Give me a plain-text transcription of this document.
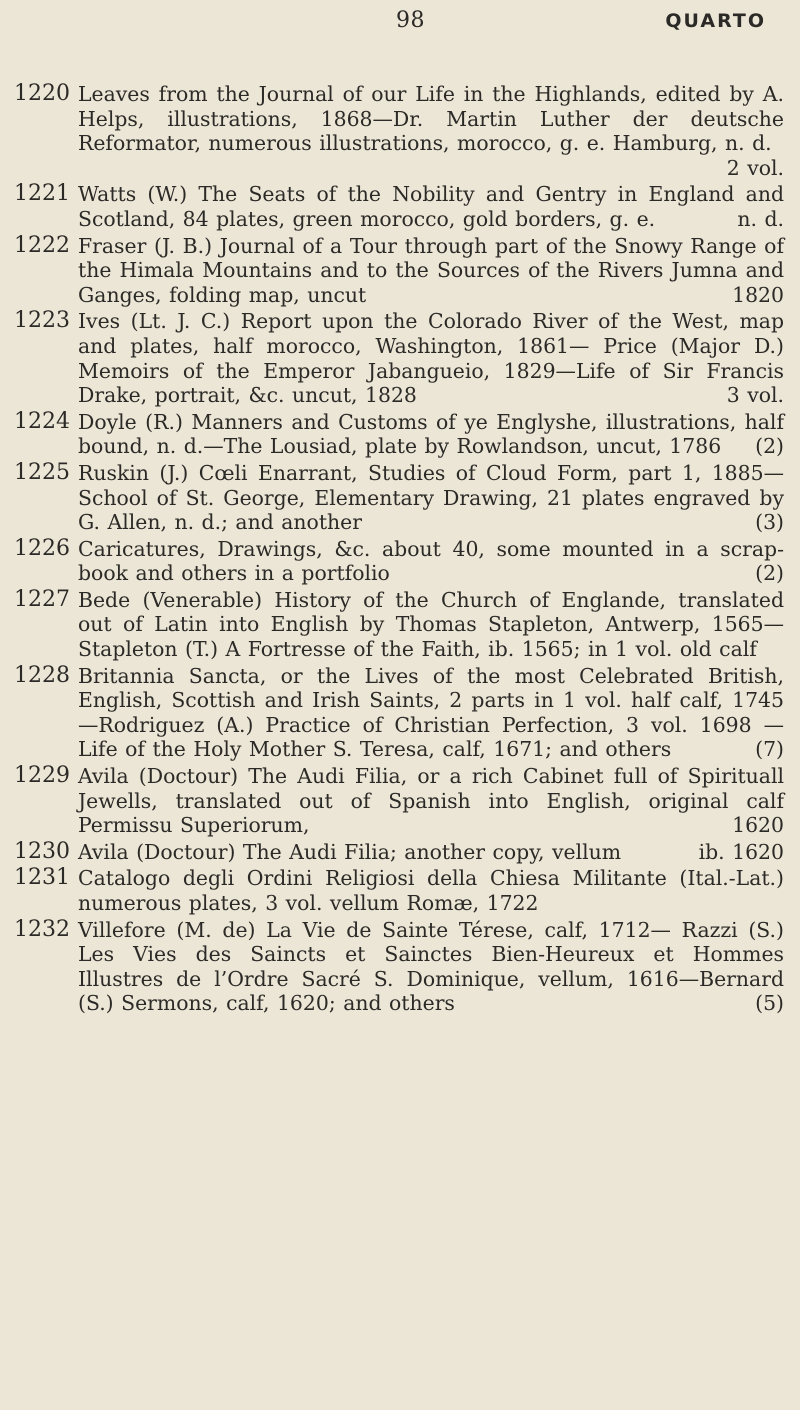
98	QUARTO
1220 Leaves from the Journal of our Life in the Highlands, edited by A. Helps, illustrations, 1868—Dr. Martin Luther der deutsche Reformator, numerous illustrations, morocco, g. e. Hamburg, n. d.
2 vol.
1221 Watts (W.) The Seats of the Nobility and Gentry in England and Scotland, 84 plates, green morocco, gold borders, g. e.	n. d.
1222 Fraser (J. B.) Journal of a Tour through part of the Snowy Range of the Himala Mountains and to the Sources of the Rivers Jumna and Ganges, folding map, uncut	1820
1223 Ives (Lt. J. C.) Report upon the Colorado River of the West, map and plates, half morocco, Washington, 1861— Price (Major D.) Memoirs of the Emperor Jabangueio, 1829—Life of Sir Francis Drake, portrait, &c. uncut, 1828	3 vol.
1224 Doyle (R.) Manners and Customs of ye Englyshe, illustrations, half bound, n. d.—The Lousiad, plate by Rowlandson, uncut, 1786 (2)
1225 Ruskin (J.) Cœli Enarrant, Studies of Cloud Form, part 1, 1885—School of St. George, Elementary Drawing, 21 plates engraved by G. Allen, n. d.; and another	(3)
1226 Caricatures, Drawings, &c. about 40, some mounted in a scrap-book and others in a portfolio	(2)
1227 Bede (Venerable) History of the Church of Englande, translated out of Latin into English by Thomas Stapleton, Antwerp, 1565—Stapleton (T.) A Fortresse of the Faith, ib. 1565; in 1 vol. old calf
1228 Britannia Sancta, or the Lives of the most Celebrated British, English, Scottish and Irish Saints, 2 parts in 1 vol. half calf, 1745—Rodriguez (A.) Practice of Christian Perfection, 3 vol. 1698 — Life of the Holy Mother S. Teresa, calf, 1671; and others	(7)
1229 Avila (Doctour) The Audi Filia, or a rich Cabinet full of Spirituall Jewells, translated out of Spanish into English, original calf Permissu Superiorum,	1620
1230 Avila (Doctour) The Audi Filia; another copy, vellum	ib. 1620
1231 Catalogo degli Ordini Religiosi della Chiesa Militante (Ital.-Lat.) numerous plates, 3 vol. vellum Romæ, 1722
1232 Villefore (M. de) La Vie de Sainte Térese, calf, 1712— Razzi (S.) Les Vies des Saincts et Sainctes Bien-Heureux et Hommes Illustres de l’Ordre Sacré S. Dominique, vellum, 1616—Bernard (S.) Sermons, calf, 1620; and others	(5)
